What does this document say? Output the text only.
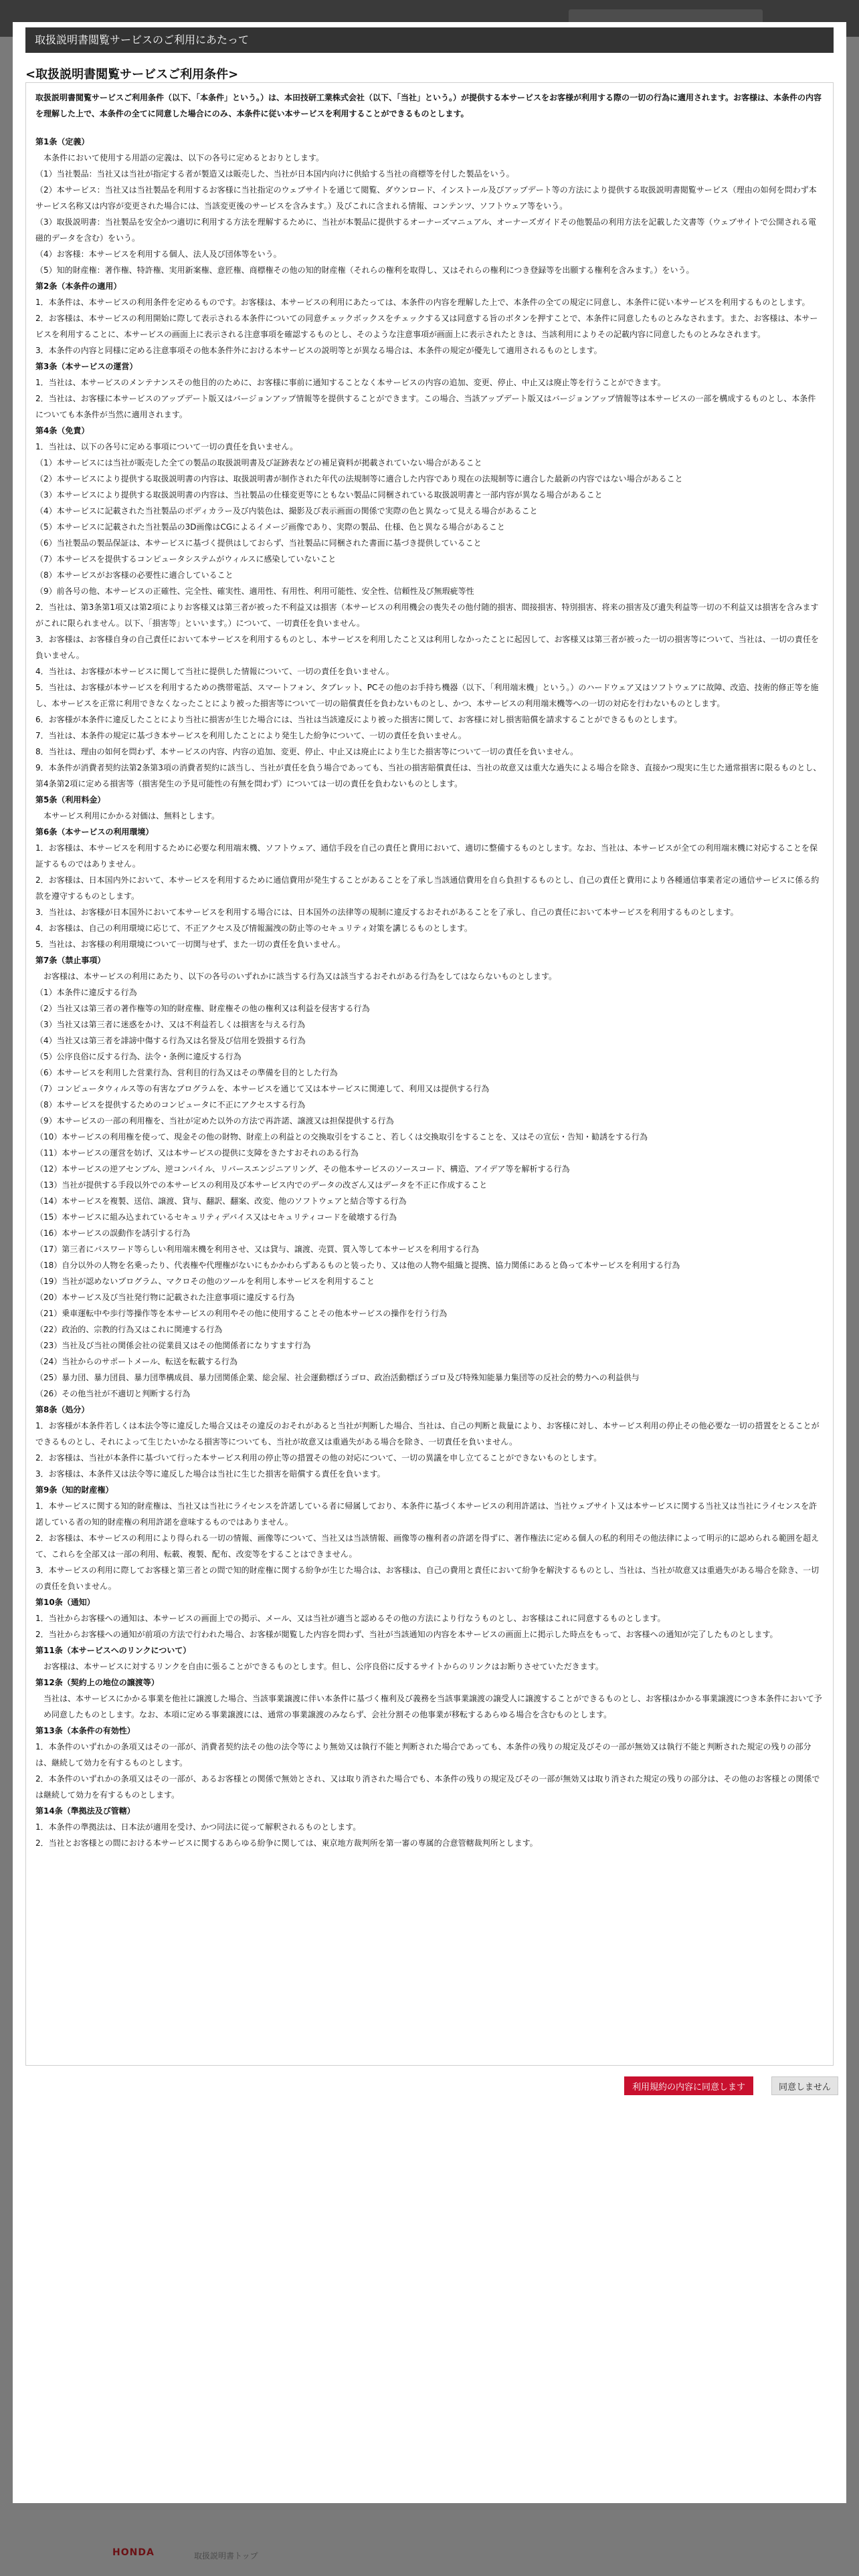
取扱説明書閲覧サービスのご利用にあたって
<取扱説明書閲覧サービスご利用条件>

取扱説明書閲覧サービスご利用条件（以下、「本条件」という。）は、本田技研工業株式会社（以下、「当社」という。）が提供する本サービスをお客様が利用する際の一切の行為に適用されます。お客様は、本条件の内容を理解した上で、本条件の全てに同意した場合にのみ、本条件に従い本サービスを利用することができるものとします。

第1条（定義）

本条件において使用する用語の定義は、以下の各号に定めるとおりとします。

（1）当社製品：当社又は当社が指定する者が製造又は販売した、当社が日本国内向けに供給する当社の商標等を付した製品をいう。

（2）本サービス：当社又は当社製品を利用するお客様に当社指定のウェブサイトを通じて閲覧、ダウンロード、インストール及びアップデート等の方法により提供する取扱説明書閲覧サービス（理由の如何を問わず本サービス名称又は内容が変更された場合には、当該変更後のサービスを含みます。）及びこれに含まれる情報、コンテンツ、ソフトウェア等をいう。

（3）取扱説明書：当社製品を安全かつ適切に利用する方法を理解するために、当社が本製品に提供するオーナーズマニュアル、オーナーズガイドその他製品の利用方法を記載した文書等（ウェブサイトで公開される電磁的データを含む）をいう。

（4）お客様：本サービスを利用する個人、法人及び団体等をいう。

（5）知的財産権：著作権、特許権、実用新案権、意匠権、商標権その他の知的財産権（それらの権利を取得し、又はそれらの権利につき登録等を出願する権利を含みます。）をいう。

第2条（本条件の適用）

1．本条件は、本サービスの利用条件を定めるものです。お客様は、本サービスの利用にあたっては、本条件の内容を理解した上で、本条件の全ての規定に同意し、本条件に従い本サービスを利用するものとします。

2．お客様は、本サービスの利用開始に際して表示される本条件についての同意チェックボックスをチェックする又は同意する旨のボタンを押すことで、本条件に同意したものとみなされます。また、お客様は、本サービスを利用することに、本サービスの画面上に表示される注意事項を確認するものとし、そのような注意事項が画面上に表示されたときは、当該利用によりその記載内容に同意したものとみなされます。

3．本条件の内容と同様に定める注意事項その他本条件外における本サービスの説明等とが異なる場合は、本条件の規定が優先して適用されるものとします。

第3条（本サービスの運営）

1．当社は、本サービスのメンテナンスその他目的のために、お客様に事前に通知することなく本サービスの内容の追加、変更、停止、中止又は廃止等を行うことができます。

2．当社は、お客様に本サービスのアップデート版又はバージョンアップ情報等を提供することができます。この場合、当該アップデート版又はバージョンアップ情報等は本サービスの一部を構成するものとし、本条件についても本条件が当然に適用されます。

第4条（免責）

1．当社は、以下の各号に定める事項について一切の責任を負いません。

（1）本サービスには当社が販売した全ての製品の取扱説明書及び証跡表などの補足資料が掲載されていない場合があること

（2）本サービスにより提供する取扱説明書の内容は、取扱説明書が制作された年代の法規制等に適合した内容であり現在の法規制等に適合した最新の内容ではない場合があること

（3）本サービスにより提供する取扱説明書の内容は、当社製品の仕様変更等にともない製品に同梱されている取扱説明書と一部内容が異なる場合があること

（4）本サービスに記載された当社製品のボディカラー及び内装色は、撮影及び表示画面の関係で実際の色と異なって見える場合があること

（5）本サービスに記載された当社製品の3D画像はCGによるイメージ画像であり、実際の製品、仕様、色と異なる場合があること

（6）当社製品の製品保証は、本サービスに基づく提供はしておらず、当社製品に同梱された書面に基づき提供していること

（7）本サービスを提供するコンピュータシステムがウィルスに感染していないこと

（8）本サービスがお客様の必要性に適合していること

（9）前各号の他、本サービスの正確性、完全性、確実性、適用性、有用性、利用可能性、安全性、信頼性及び無瑕疵等性

2．当社は、第3条第1項又は第2項によりお客様又は第三者が被った不利益又は損害（本サービスの利用機会の喪失その他付随的損害、間接損害、特別損害、将来の損害及び遺失利益等一切の不利益又は損害を含みますがこれに限られません。以下、「損害等」といいます。）について、一切責任を負いません。

3．お客様は、お客様自身の自己責任において本サービスを利用するものとし、本サービスを利用したこと又は利用しなかったことに起因して、お客様又は第三者が被った一切の損害等について、当社は、一切の責任を負いません。

4．当社は、お客様が本サービスに関して当社に提供した情報について、一切の責任を負いません。

5．当社は、お客様が本サービスを利用するための携帯電話、スマートフォン、タブレット、PCその他のお手持ち機器（以下、「利用端末機」という。）のハードウェア又はソフトウェアに故障、改造、技術的修正等を施し、本サービスを正常に利用できなくなったことにより被った損害等について一切の賠償責任を負わないものとし、かつ、本サービスの利用端末機等への一切の対応を行わないものとします。

6．お客様が本条件に違反したことにより当社に損害が生じた場合には、当社は当該違反により被った損害に関して、お客様に対し損害賠償を請求することができるものとします。

7．当社は、本条件の規定に基づき本サービスを利用したことにより発生した紛争について、一切の責任を負いません。

8．当社は、理由の如何を問わず、本サービスの内容、内容の追加、変更、停止、中止又は廃止により生じた損害等について一切の責任を負いません。

9．本条件が消費者契約法第2条第3項の消費者契約に該当し、当社が責任を負う場合であっても、当社の損害賠償責任は、当社の故意又は重大な過失による場合を除き、直接かつ現実に生じた通常損害に限るものとし、第4条第2項に定める損害等（損害発生の予見可能性の有無を問わず）については一切の責任を負わないものとします。

第5条（利用料金）

本サービス利用にかかる対価は、無料とします。

第6条（本サービスの利用環境）

1．お客様は、本サービスを利用するために必要な利用端末機、ソフトウェア、通信手段を自己の責任と費用において、適切に整備するものとします。なお、当社は、本サービスが全ての利用端末機に対応することを保証するものではありません。

2．お客様は、日本国内外において、本サービスを利用するために通信費用が発生することがあることを了承し当該通信費用を自ら負担するものとし、自己の責任と費用により各種通信事業者定の通信サービスに係る約款を遵守するものとします。

3．当社は、お客様が日本国外において本サービスを利用する場合には、日本国外の法律等の規制に違反するおそれがあることを了承し、自己の責任において本サービスを利用するものとします。

4．お客様は、自己の利用環境に応じて、不正アクセス及び情報漏洩の防止等のセキュリティ対策を講じるものとします。

5．当社は、お客様の利用環境について一切関与せず、また一切の責任を負いません。

第7条（禁止事項）

お客様は、本サービスの利用にあたり、以下の各号のいずれかに該当する行為又は該当するおそれがある行為をしてはならないものとします。

（1）本条件に違反する行為

（2）当社又は第三者の著作権等の知的財産権、財産権その他の権利又は利益を侵害する行為

（3）当社又は第三者に迷惑をかけ、又は不利益若しくは損害を与える行為

（4）当社又は第三者を誹謗中傷する行為又は名誉及び信用を毀損する行為

（5）公序良俗に反する行為、法令・条例に違反する行為

（6）本サービスを利用した営業行為、営利目的行為又はその準備を目的とした行為

（7）コンピュータウィルス等の有害なプログラムを、本サービスを通じて又は本サービスに関連して、利用又は提供する行為

（8）本サービスを提供するためのコンピュータに不正にアクセスする行為

（9）本サービスの一部の利用権を、当社が定めた以外の方法で再許諾、譲渡又は担保提供する行為

（10）本サービスの利用権を使って、現金その他の財物、財産上の利益との交換取引をすること、若しくは交換取引をすることを、又はその宣伝・告知・勧誘をする行為

（11）本サービスの運営を妨げ、又は本サービスの提供に支障をきたすおそれのある行為

（12）本サービスの逆アセンブル、逆コンパイル、リバースエンジニアリング、その他本サービスのソースコード、構造、アイデア等を解析する行為

（13）当社が提供する手段以外での本サービスの利用及び本サービス内でのデータの改ざん又はデータを不正に作成すること

（14）本サービスを複製、送信、譲渡、貸与、翻訳、翻案、改変、他のソフトウェアと結合等する行為

（15）本サービスに組み込まれているセキュリティデバイス又はセキュリティコードを破壊する行為

（16）本サービスの誤動作を誘引する行為

（17）第三者にパスワード等らしい利用端末機を利用させ、又は貸与、譲渡、売買、質入等して本サービスを利用する行為

（18）自分以外の人物を名乗ったり、代表権や代理権がないにもかかわらずあるものと装ったり、又は他の人物や組織と提携、協力関係にあると偽って本サービスを利用する行為

（19）当社が認めないプログラム、マクロその他のツールを利用し本サービスを利用すること

（20）本サービス及び当社発行物に記載された注意事項に違反する行為

（21）乗車運転中や歩行等操作等を本サービスの利用やその他に使用することその他本サービスの操作を行う行為

（22）政治的、宗教的行為又はこれに関連する行為

（23）当社及び当社の関係会社の従業員又はその他関係者になりすます行為

（24）当社からのサポートメール、転送を転載する行為

（25）暴力団、暴力団員、暴力団準構成員、暴力団関係企業、総会屋、社会運動標ぼうゴロ、政治活動標ぼうゴロ及び特殊知能暴力集団等の反社会的勢力への利益供与

（26）その他当社が不適切と判断する行為

第8条（処分）

1．お客様が本条件若しくは本法令等に違反した場合又はその違反のおそれがあると当社が判断した場合、当社は、自己の判断と裁量により、お客様に対し、本サービス利用の停止その他必要な一切の措置をとることができるものとし、それによって生じたいかなる損害等についても、当社が故意又は重過失がある場合を除き、一切責任を負いません。

2．お客様は、当社が本条件に基づいて行った本サービス利用の停止等の措置その他の対応について、一切の異議を申し立てることができないものとします。

3．お客様は、本条件又は法令等に違反した場合は当社に生じた損害を賠償する責任を負います。

第9条（知的財産権）

1．本サービスに関する知的財産権は、当社又は当社にライセンスを許諾している者に帰属しており、本条件に基づく本サービスの利用許諾は、当社ウェブサイト又は本サービスに関する当社又は当社にライセンスを許諾している者の知的財産権の利用許諾を意味するものではありません。

2．お客様は、本サービスの利用により得られる一切の情報、画像等について、当社又は当該情報、画像等の権利者の許諾を得ずに、著作権法に定める個人の私的利用その他法律によって明示的に認められる範囲を超えて、これらを全部又は一部の利用、転載、複製、配布、改変等をすることはできません。

3．本サービスの利用に際してお客様と第三者との間で知的財産権に関する紛争が生じた場合は、お客様は、自己の費用と責任において紛争を解決するものとし、当社は、当社が故意又は重過失がある場合を除き、一切の責任を負いません。

第10条（通知）

1．当社からお客様への通知は、本サービスの画面上での掲示、メール、又は当社が適当と認めるその他の方法により行なうものとし、お客様はこれに同意するものとします。

2．当社からお客様への通知が前項の方法で行われた場合、お客様が閲覧した内容を問わず、当社が当該通知の内容を本サービスの画面上に掲示した時点をもって、お客様への通知が完了したものとします。

第11条（本サービスへのリンクについて）

お客様は、本サービスに対するリンクを自由に張ることができるものとします。但し、公序良俗に反するサイトからのリンクはお断りさせていただきます。

第12条（契約上の地位の譲渡等）

当社は、本サービスにかかる事業を他社に譲渡した場合、当該事業譲渡に伴い本条件に基づく権利及び義務を当該事業譲渡の譲受人に譲渡することができるものとし、お客様はかかる事業譲渡につき本条件において予め同意したものとします。なお、本項に定める事業譲渡には、通常の事業譲渡のみならず、会社分割その他事業が移転するあらゆる場合を含むものとします。

第13条（本条件の有効性）

1．本条件のいずれかの条項又はその一部が、消費者契約法その他の法令等により無効又は執行不能と判断された場合であっても、本条件の残りの規定及びその一部が無効又は執行不能と判断された規定の残りの部分は、継続して効力を有するものとします。

2．本条件のいずれかの条項又はその一部が、あるお客様との関係で無効とされ、又は取り消された場合でも、本条件の残りの規定及びその一部が無効又は取り消された規定の残りの部分は、その他のお客様との関係では継続して効力を有するものとします。

第14条（準拠法及び管轄）

1．本条件の準拠法は、日本法が適用を受け、かつ同法に従って解釈されるものとします。

2．当社とお客様との間における本サービスに関するあらゆる紛争に関しては、東京地方裁判所を第一審の専属的合意管轄裁判所とします。

利用規約の内容に同意します	同意しません
HONDA	取扱説明書トップ
